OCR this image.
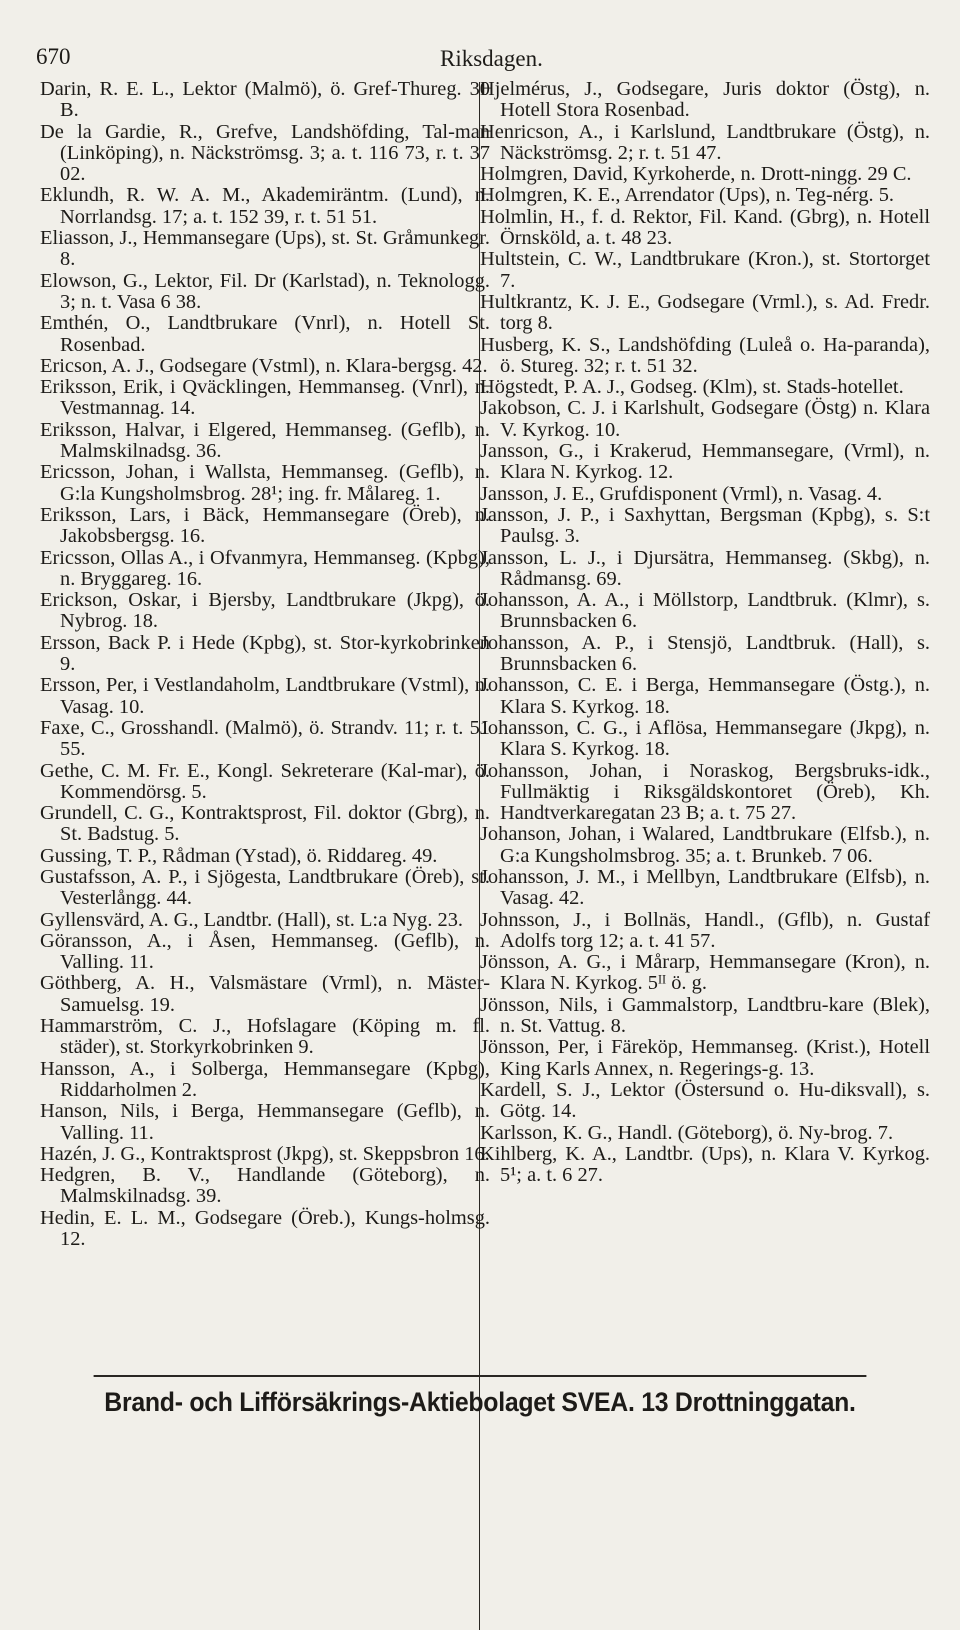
670	Riksdagen.

Darin, R. E. L., Lektor (Malmö), ö. Gref-Thureg. 30 B.

De la Gardie, R., Grefve, Landshöfding, Tal-man (Linköping), n. Näckströmsg. 3; a. t. 116 73, r. t. 37 02.

Eklundh, R. W. A. M., Akademiräntm. (Lund), n. Norrlandsg. 17; a. t. 152 39, r. t. 51 51.

Eliasson, J., Hemmansegare (Ups), st. St. Gråmunkegr. 8.

Elowson, G., Lektor, Fil. Dr (Karlstad), n. Teknologg. 3; n. t. Vasa 6 38.

Emthén, O., Landtbrukare (Vnrl), n. Hotell St. Rosenbad.

Ericson, A. J., Godsegare (Vstml), n. Klara-bergsg. 42.

Eriksson, Erik, i Qväcklingen, Hemmanseg. (Vnrl), n. Vestmannag. 14.

Eriksson, Halvar, i Elgered, Hemmanseg. (Geflb), n. Malmskilnadsg. 36.

Ericsson, Johan, i Wallsta, Hemmanseg. (Geflb), n. G:la Kungsholmsbrog. 28¹; ing. fr. Målareg. 1.

Eriksson, Lars, i Bäck, Hemmansegare (Öreb), n. Jakobsbergsg. 16.

Ericsson, Ollas A., i Ofvanmyra, Hemmanseg. (Kpbg), n. Bryggareg. 16.

Erickson, Oskar, i Bjersby, Landtbrukare (Jkpg), ö. Nybrog. 18.

Ersson, Back P. i Hede (Kpbg), st. Stor-kyrkobrinken 9.

Ersson, Per, i Vestlandaholm, Landtbrukare (Vstml), n. Vasag. 10.

Faxe, C., Grosshandl. (Malmö), ö. Strandv. 11; r. t. 51 55.

Gethe, C. M. Fr. E., Kongl. Sekreterare (Kal-mar), ö. Kommendörsg. 5.

Grundell, C. G., Kontraktsprost, Fil. doktor (Gbrg), n. St. Badstug. 5.

Gussing, T. P., Rådman (Ystad), ö. Riddareg. 49.

Gustafsson, A. P., i Sjögesta, Landtbrukare (Öreb), st. Vesterlångg. 44.

Gyllensvärd, A. G., Landtbr. (Hall), st. L:a Nyg. 23.

Göransson, A., i Åsen, Hemmanseg. (Geflb), n. Valling. 11.

Göthberg, A. H., Valsmästare (Vrml), n. Mäster-Samuelsg. 19.

Hammarström, C. J., Hofslagare (Köping m. fl. städer), st. Storkyrkobrinken 9.

Hansson, A., i Solberga, Hemmansegare (Kpbg), Riddarholmen 2.

Hanson, Nils, i Berga, Hemmansegare (Geflb), n. Valling. 11.

Hazén, J. G., Kontraktsprost (Jkpg), st. Skeppsbron 16.

Hedgren, B. V., Handlande (Göteborg), n. Malmskilnadsg. 39.

Hedin, E. L. M., Godsegare (Öreb.), Kungs-holmsg. 12.

Hjelmérus, J., Godsegare, Juris doktor (Östg), n. Hotell Stora Rosenbad.

Henricson, A., i Karlslund, Landtbrukare (Östg), n. Näckströmsg. 2; r. t. 51 47.

Holmgren, David, Kyrkoherde, n. Drott-ningg. 29 C.

Holmgren, K. E., Arrendator (Ups), n. Teg-nérg. 5.

Holmlin, H., f. d. Rektor, Fil. Kand. (Gbrg), n. Hotell Örnsköld, a. t. 48 23.

Hultstein, C. W., Landtbrukare (Kron.), st. Stortorget 7.

Hultkrantz, K. J. E., Godsegare (Vrml.), s. Ad. Fredr. torg 8.

Husberg, K. S., Landshöfding (Luleå o. Ha-paranda), ö. Stureg. 32; r. t. 51 32.

Högstedt, P. A. J., Godseg. (Klm), st. Stads-hotellet.

Jakobson, C. J. i Karlshult, Godsegare (Östg) n. Klara V. Kyrkog. 10.

Jansson, G., i Krakerud, Hemmansegare, (Vrml), n. Klara N. Kyrkog. 12.

Jansson, J. E., Grufdisponent (Vrml), n. Vasag. 4.

Jansson, J. P., i Saxhyttan, Bergsman (Kpbg), s. S:t Paulsg. 3.

Jansson, L. J., i Djursätra, Hemmanseg. (Skbg), n. Rådmansg. 69.

Johansson, A. A., i Möllstorp, Landtbruk. (Klmr), s. Brunnsbacken 6.

Johansson, A. P., i Stensjö, Landtbruk. (Hall), s. Brunnsbacken 6.

Johansson, C. E. i Berga, Hemmansegare (Östg.), n. Klara S. Kyrkog. 18.

Johansson, C. G., i Aflösa, Hemmansegare (Jkpg), n. Klara S. Kyrkog. 18.

Johansson, Johan, i Noraskog, Bergsbruks-idk., Fullmäktig i Riksgäldskontoret (Öreb), Kh. Handtverkaregatan 23 B; a. t. 75 27.

Johanson, Johan, i Walared, Landtbrukare (Elfsb.), n. G:a Kungsholmsbrog. 35; a. t. Brunkeb. 7 06.

Johansson, J. M., i Mellbyn, Landtbrukare (Elfsb), n. Vasag. 42.

Johnsson, J., i Bollnäs, Handl., (Gflb), n. Gustaf Adolfs torg 12; a. t. 41 57.

Jönsson, A. G., i Mårarp, Hemmansegare (Kron), n. Klara N. Kyrkog. 5ᴵᴵ ö. g.

Jönsson, Nils, i Gammalstorp, Landtbru-kare (Blek), n. St. Vattug. 8.

Jönsson, Per, i Färeköp, Hemmanseg. (Krist.), Hotell King Karls Annex, n. Regerings-g. 13.

Kardell, S. J., Lektor (Östersund o. Hu-diksvall), s. Götg. 14.

Karlsson, K. G., Handl. (Göteborg), ö. Ny-brog. 7.

Kihlberg, K. A., Landtbr. (Ups), n. Klara V. Kyrkog. 5¹; a. t. 6 27.

Brand- och Lifförsäkrings-Aktiebolaget SVEA. 13 Drottninggatan.
